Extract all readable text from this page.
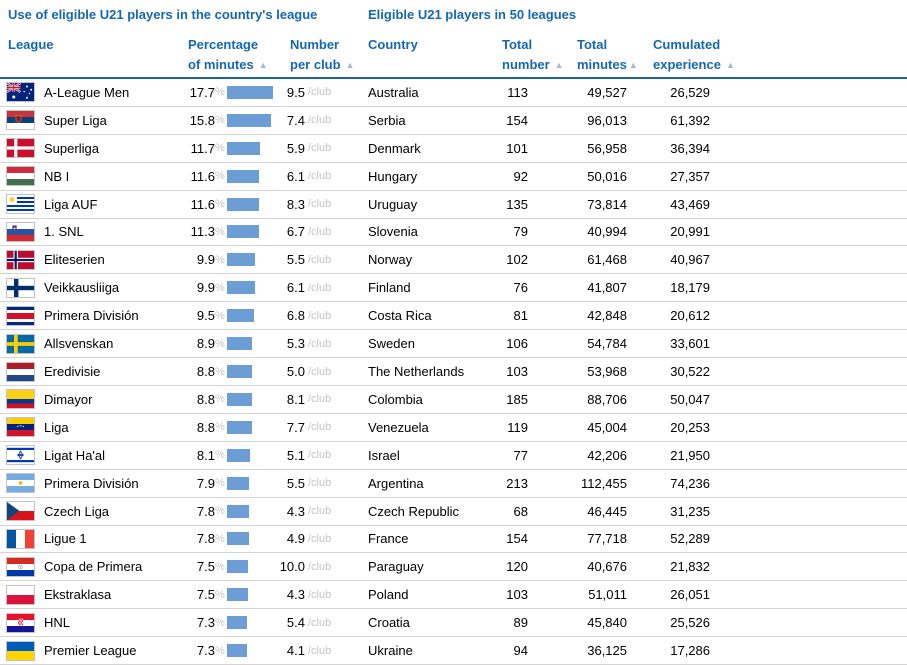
Use of eligible U21 players in the country's league	Eligible U21 players in 50 leagues
League	Percentage
of minutes ▲
Number
per club ▲
Country	Total
number ▲
Total
minutes ▲
Cumulated
experience ▲
A-League Men	17.7 %	9.5 /club	Australia	113	49,527	26,529
Super Liga	15.8 %	7.4 /club	Serbia	154	96,013	61,392
Superliga	11.7 %	5.9 /club	Denmark	101	56,958	36,394
NB I	11.6 %	6.1 /club	Hungary	92	50,016	27,357
Liga AUF	11.6 %	8.3 /club	Uruguay	135	73,814	43,469
1. SNL	11.3 %	6.7 /club	Slovenia	79	40,994	20,991
Eliteserien	9.9 %	5.5 /club	Norway	102	61,468	40,967
Veikkausliiga	9.9 %	6.1 /club	Finland	76	41,807	18,179
Primera División	9.5 %	6.8 /club	Costa Rica	81	42,848	20,612
Allsvenskan	8.9 %	5.3 /club	Sweden	106	54,784	33,601
Eredivisie	8.8 %	5.0 /club	The Netherlands	103	53,968	30,522
Dimayor	8.8 %	8.1 /club	Colombia	185	88,706	50,047
Liga	8.8 %	7.7 /club	Venezuela	119	45,004	20,253
Ligat Ha'al	8.1 %	5.1 /club	Israel	77	42,206	21,950
Primera División	7.9 %	5.5 /club	Argentina	213	112,455	74,236
Czech Liga	7.8 %	4.3 /club	Czech Republic	68	46,445	31,235
Ligue 1	7.8 %	4.9 /club	France	154	77,718	52,289
Copa de Primera	7.5 %	10.0 /club	Paraguay	120	40,676	21,832
Ekstraklasa	7.5 %	4.3 /club	Poland	103	51,011	26,051
HNL	7.3 %	5.4 /club	Croatia	89	45,840	25,526
Premier League	7.3 %	4.1 /club	Ukraine	94	36,125	17,286
